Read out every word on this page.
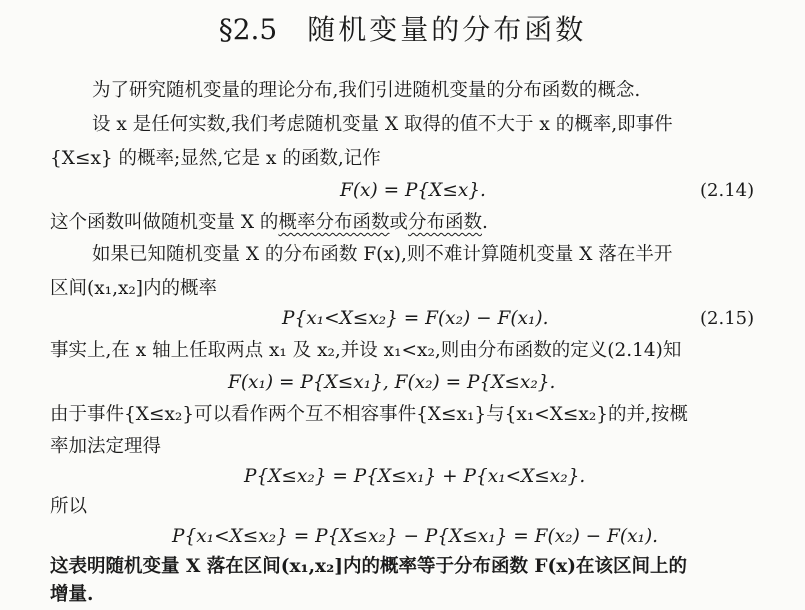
§2.5 随机变量的分布函数
为了研究随机变量的理论分布,我们引进随机变量的分布函数的概念.
设 x 是任何实数,我们考虑随机变量 X 取得的值不大于 x 的概率,即事件
{X≤x} 的概率;显然,它是 x 的函数,记作
F(x) = P{X≤x}.	(2.14)
这个函数叫做随机变量 X 的概率分布函数或分布函数.
如果已知随机变量 X 的分布函数 F(x),则不难计算随机变量 X 落在半开
区间(x₁,x₂]内的概率
P{x₁<X≤x₂} = F(x₂) − F(x₁).	(2.15)
事实上,在 x 轴上任取两点 x₁ 及 x₂,并设 x₁<x₂,则由分布函数的定义(2.14)知
F(x₁) = P{X≤x₁}, F(x₂) = P{X≤x₂}.
由于事件{X≤x₂}可以看作两个互不相容事件{X≤x₁}与{x₁<X≤x₂}的并,按概
率加法定理得
P{X≤x₂} = P{X≤x₁} + P{x₁<X≤x₂}.
所以
P{x₁<X≤x₂} = P{X≤x₂} − P{X≤x₁} = F(x₂) − F(x₁).
这表明随机变量 X 落在区间(x₁,x₂]内的概率等于分布函数 F(x)在该区间上的
增量.
